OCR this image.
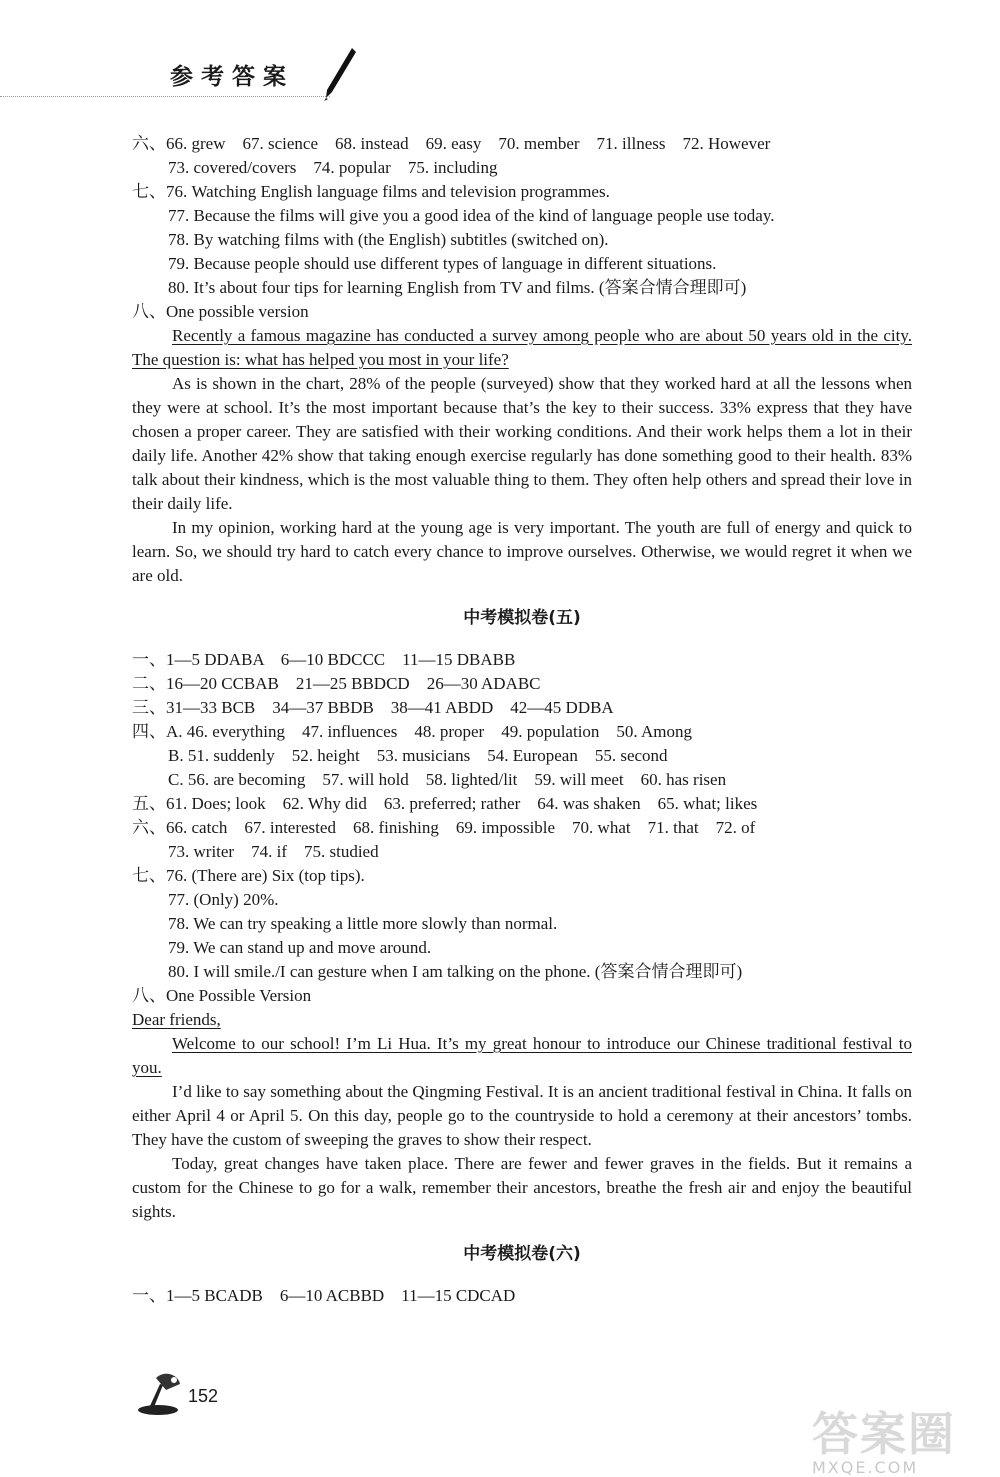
参考答案
六、66. grew　67. science　68. instead　69. easy　70. member　71. illness　72. However
73. covered/covers　74. popular　75. including
七、76. Watching English language films and television programmes.
77. Because the films will give you a good idea of the kind of language people use today.
78. By watching films with (the English) subtitles (switched on).
79. Because people should use different types of language in different situations.
80. It’s about four tips for learning English from TV and films. (答案合情合理即可)
八、One possible version

Recently a famous magazine has conducted a survey among people who are about 50 years old in the city. The question is: what has helped you most in your life?

As is shown in the chart, 28% of the people (surveyed) show that they worked hard at all the lessons when they were at school. It’s the most important because that’s the key to their success. 33% express that they have chosen a proper career. They are satisfied with their working conditions. And their work helps them a lot in their daily life. Another 42% show that taking enough exercise regularly has done something good to their health. 83% talk about their kindness, which is the most valuable thing to them. They often help others and spread their love in their daily life.

In my opinion, working hard at the young age is very important. The youth are full of energy and quick to learn. So, we should try hard to catch every chance to improve ourselves. Otherwise, we would regret it when we are old.

中考模拟卷(五)
一、1—5 DDABA　6—10 BDCCC　11—15 DBABB
二、16—20 CCBAB　21—25 BBDCD　26—30 ADABC
三、31—33 BCB　34—37 BBDB　38—41 ABDD　42—45 DDBA
四、A. 46. everything　47. influences　48. proper　49. population　50. Among
B. 51. suddenly　52. height　53. musicians　54. European　55. second
C. 56. are becoming　57. will hold　58. lighted/lit　59. will meet　60. has risen
五、61. Does; look　62. Why did　63. preferred; rather　64. was shaken　65. what; likes
六、66. catch　67. interested　68. finishing　69. impossible　70. what　71. that　72. of
73. writer　74. if　75. studied
七、76. (There are) Six (top tips).
77. (Only) 20%.
78. We can try speaking a little more slowly than normal.
79. We can stand up and move around.
80. I will smile./I can gesture when I am talking on the phone. (答案合情合理即可)
八、One Possible Version
Dear friends,

Welcome to our school! I’m Li Hua. It’s my great honour to introduce our Chinese traditional festival to you.

I’d like to say something about the Qingming Festival. It is an ancient traditional festival in China. It falls on either April 4 or April 5. On this day, people go to the countryside to hold a ceremony at their ancestors’ tombs. They have the custom of sweeping the graves to show their respect.

Today, great changes have taken place. There are fewer and fewer graves in the fields. But it remains a custom for the Chinese to go for a walk, remember their ancestors, breathe the fresh air and enjoy the beautiful sights.

中考模拟卷(六)
一、1—5 BCADB　6—10 ACBBD　11—15 CDCAD
152
答案圈
MXQE.COM
